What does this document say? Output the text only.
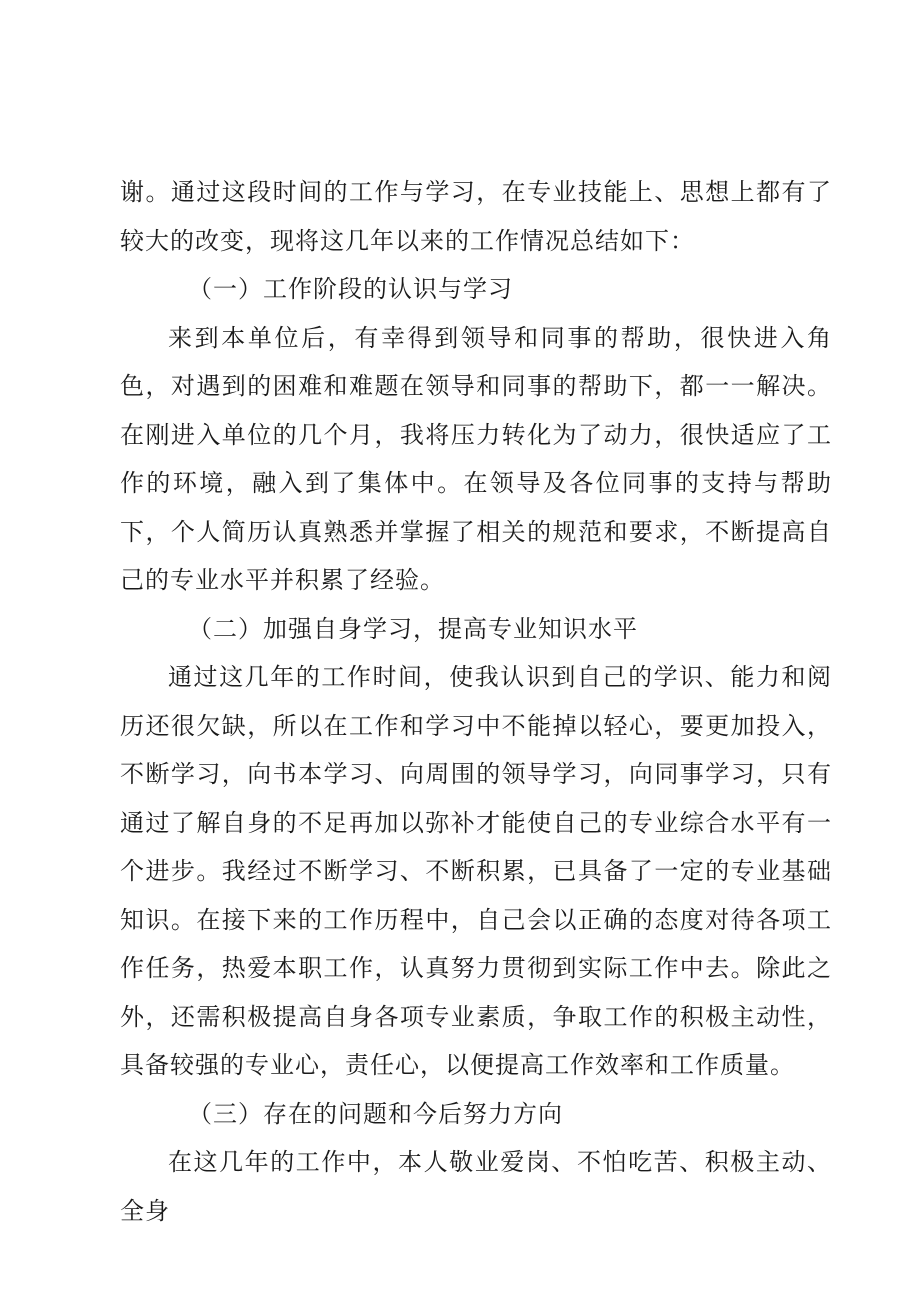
谢。通过这段时间的工作与学习，在专业技能上、思想上都有了较大的改变，现将这几年以来的工作情况总结如下：

（一）工作阶段的认识与学习

来到本单位后，有幸得到领导和同事的帮助，很快进入角色，对遇到的困难和难题在领导和同事的帮助下，都一一解决。在刚进入单位的几个月，我将压力转化为了动力，很快适应了工作的环境，融入到了集体中。在领导及各位同事的支持与帮助下，个人简历认真熟悉并掌握了相关的规范和要求，不断提高自己的专业水平并积累了经验。

（二）加强自身学习，提高专业知识水平

通过这几年的工作时间，使我认识到自己的学识、能力和阅历还很欠缺，所以在工作和学习中不能掉以轻心，要更加投入，不断学习，向书本学习、向周围的领导学习，向同事学习，只有通过了解自身的不足再加以弥补才能使自己的专业综合水平有一个进步。我经过不断学习、不断积累，已具备了一定的专业基础知识。在接下来的工作历程中，自己会以正确的态度对待各项工作任务，热爱本职工作，认真努力贯彻到实际工作中去。除此之外，还需积极提高自身各项专业素质，争取工作的积极主动性，具备较强的专业心，责任心，以便提高工作效率和工作质量。

（三）存在的问题和今后努力方向

在这几年的工作中，本人敬业爱岗、不怕吃苦、积极主动、全身
